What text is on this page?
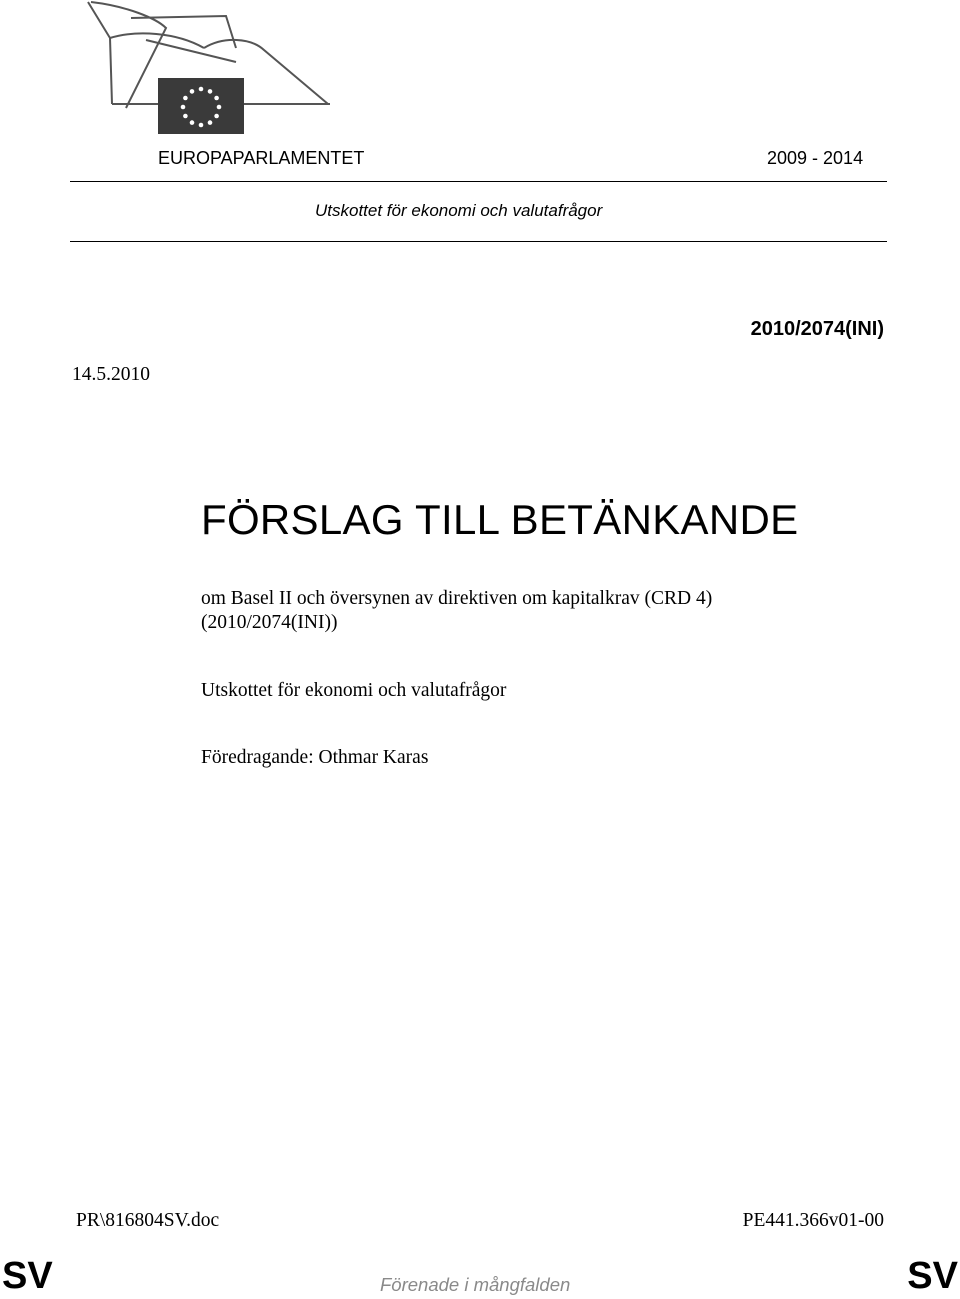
EUROPAPARLAMENTET	2009 - 2014
Utskottet för ekonomi och valutafrågor
2010/2074(INI)
14.5.2010
FÖRSLAG TILL BETÄNKANDE
om Basel II och översynen av direktiven om kapitalkrav (CRD 4)
(2010/2074(INI))
Utskottet för ekonomi och valutafrågor
Föredragande: Othmar Karas
PR\816804SV.doc	PE441.366v01-00
SV	Förenade i mångfalden	SV
